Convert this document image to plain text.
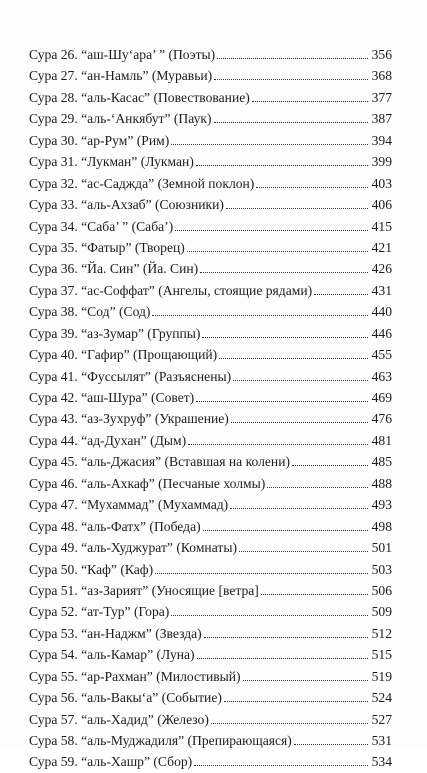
Сура 26. “аш-Шу‘ара’ ” (Поэты)	356
Сура 27. “ан-Намль” (Муравьи)	368
Сура 28. “аль-Касас” (Повествование)	377
Сура 29. “аль-‘Анкябут” (Паук)	387
Сура 30. “ар-Рум” (Рим)	394
Сура 31. “Лукман” (Лукман)	399
Сура 32. “ас-Саджда” (Земной поклон)	403
Сура 33. “аль-Ахзаб” (Союзники)	406
Сура 34. “Саба’ ” (Саба’)	415
Сура 35. “Фатыр” (Творец)	421
Сура 36. “Йа. Син” (Йа. Син)	426
Сура 37. “ас-Соффат” (Ангелы, стоящие рядами)	431
Сура 38. “Сод” (Сод)	440
Сура 39. “аз-Зумар” (Группы)	446
Сура 40. “Гафир” (Прощающий)	455
Сура 41. “Фуссылят” (Разъяснены)	463
Сура 42. “аш-Шура” (Совет)	469
Сура 43. “аз-Зухруф” (Украшение)	476
Сура 44. “ад-Духан” (Дым)	481
Сура 45. “аль-Джасия” (Вставшая на колени)	485
Сура 46. “аль-Ахкаф” (Песчаные холмы)	488
Сура 47. “Мухаммад” (Мухаммад)	493
Сура 48. “аль-Фатх” (Победа)	498
Сура 49. “аль-Худжурат” (Комнаты)	501
Сура 50. “Каф” (Каф)	503
Сура 51. “аз-Зарият” (Уносящие [ветра]	506
Сура 52. “ат-Тур” (Гора)	509
Сура 53. “ан-Наджм” (Звезда)	512
Сура 54. “аль-Камар” (Луна)	515
Сура 55. “ар-Рахман” (Милостивый)	519
Сура 56. “аль-Вакы‘а” (Событие)	524
Сура 57. “аль-Хадид” (Железо)	527
Сура 58. “аль-Муджадиля” (Препирающаяся)	531
Сура 59. “аль-Хашр” (Сбор)	534
